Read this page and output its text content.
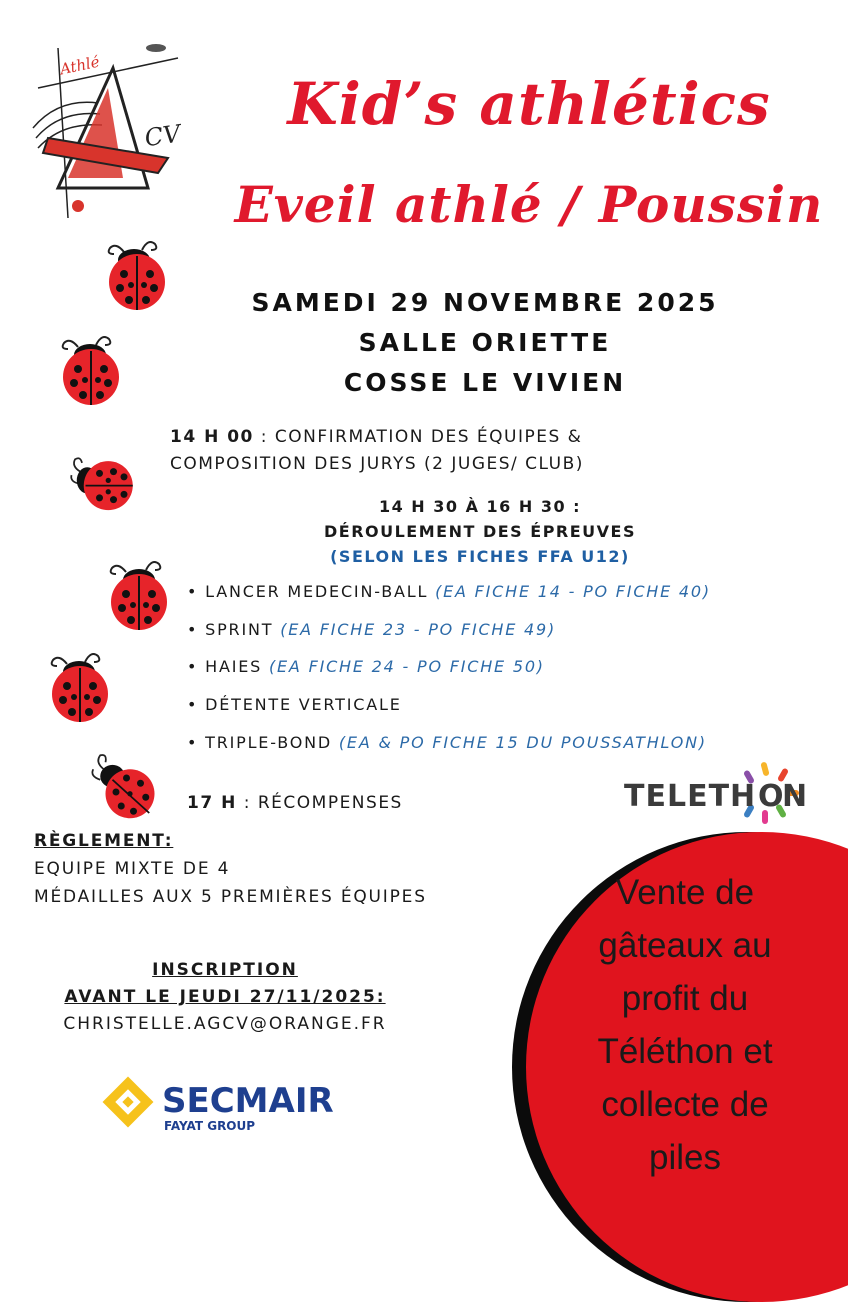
Athlé
CV	Kid’s athlétics
Eveil athlé / Poussin
SAMEDI 29 NOVEMBRE 2025
SALLE ORIETTE
COSSE LE VIVIEN
14 H 00 : CONFIRMATION DES ÉQUIPES &
COMPOSITION DES JURYS (2 JUGES/ CLUB)
14 H 30 À 16 H 30 :
DÉROULEMENT DES ÉPREUVES
(SELON LES FICHES FFA U12)
• LANCER MEDECIN-BALL (EA FICHE 14 - PO FICHE 40)
• SPRINT (EA FICHE 23 - PO FICHE 49)
• HAIES (EA FICHE 24 - PO FICHE 50)
• DÉTENTE VERTICALE
• TRIPLE-BOND (EA & PO FICHE 15 DU POUSSATHLON)
17 H : RÉCOMPENSES	TELETH O
N
RÈGLEMENT:
EQUIPE MIXTE DE 4
MÉDAILLES AUX 5 PREMIÈRES ÉQUIPES
INSCRIPTION
AVANT LE JEUDI 27/11/2025:
CHRISTELLE.AGCV@ORANGE.FR
Vente de
gâteaux au
profit du
Téléthon et
collecte de
piles
SECMAIR
FAYAT GROUP
